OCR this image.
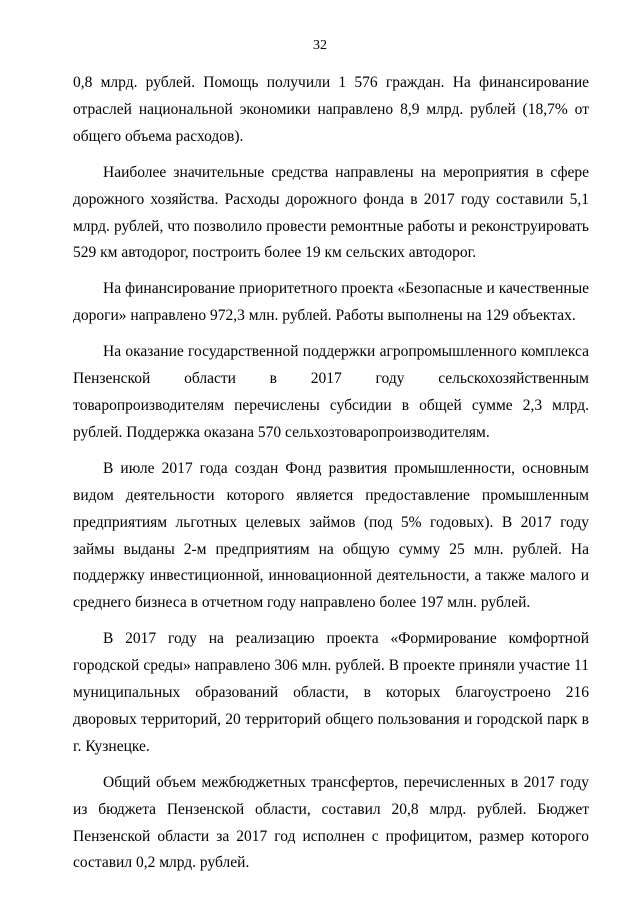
32

0,8 млрд. рублей. Помощь получили 1 576 граждан. На финансирование отраслей национальной экономики направлено 8,9 млрд. рублей (18,7% от общего объема расходов).

Наиболее значительные средства направлены на мероприятия в сфере дорожного хозяйства. Расходы дорожного фонда в 2017 году составили 5,1 млрд. рублей, что позволило провести ремонтные работы и реконструировать 529 км автодорог, построить более 19 км сельских автодорог.

На финансирование приоритетного проекта «Безопасные и качественные дороги» направлено 972,3 млн. рублей. Работы выполнены на 129 объектах.

На оказание государственной поддержки агропромышленного комплекса Пензенской области в 2017 году сельскохозяйственным товаропроизводителям перечислены субсидии в общей сумме 2,3 млрд. рублей. Поддержка оказана 570 сельхозтоваропроизводителям.

В июле 2017 года создан Фонд развития промышленности, основным видом деятельности которого является предоставление промышленным предприятиям льготных целевых займов (под 5% годовых). В 2017 году займы выданы 2-м предприятиям на общую сумму 25 млн. рублей. На поддержку инвестиционной, инновационной деятельности, а также малого и среднего бизнеса в отчетном году направлено более 197 млн. рублей.

В 2017 году на реализацию проекта «Формирование комфортной городской среды» направлено 306 млн. рублей. В проекте приняли участие 11 муниципальных образований области, в которых благоустроено 216 дворовых территорий, 20 территорий общего пользования и городской парк в г. Кузнецке.

Общий объем межбюджетных трансфертов, перечисленных в 2017 году из бюджета Пензенской области, составил 20,8 млрд. рублей. Бюджет Пензенской области за 2017 год исполнен с профицитом, размер которого составил 0,2 млрд. рублей.
